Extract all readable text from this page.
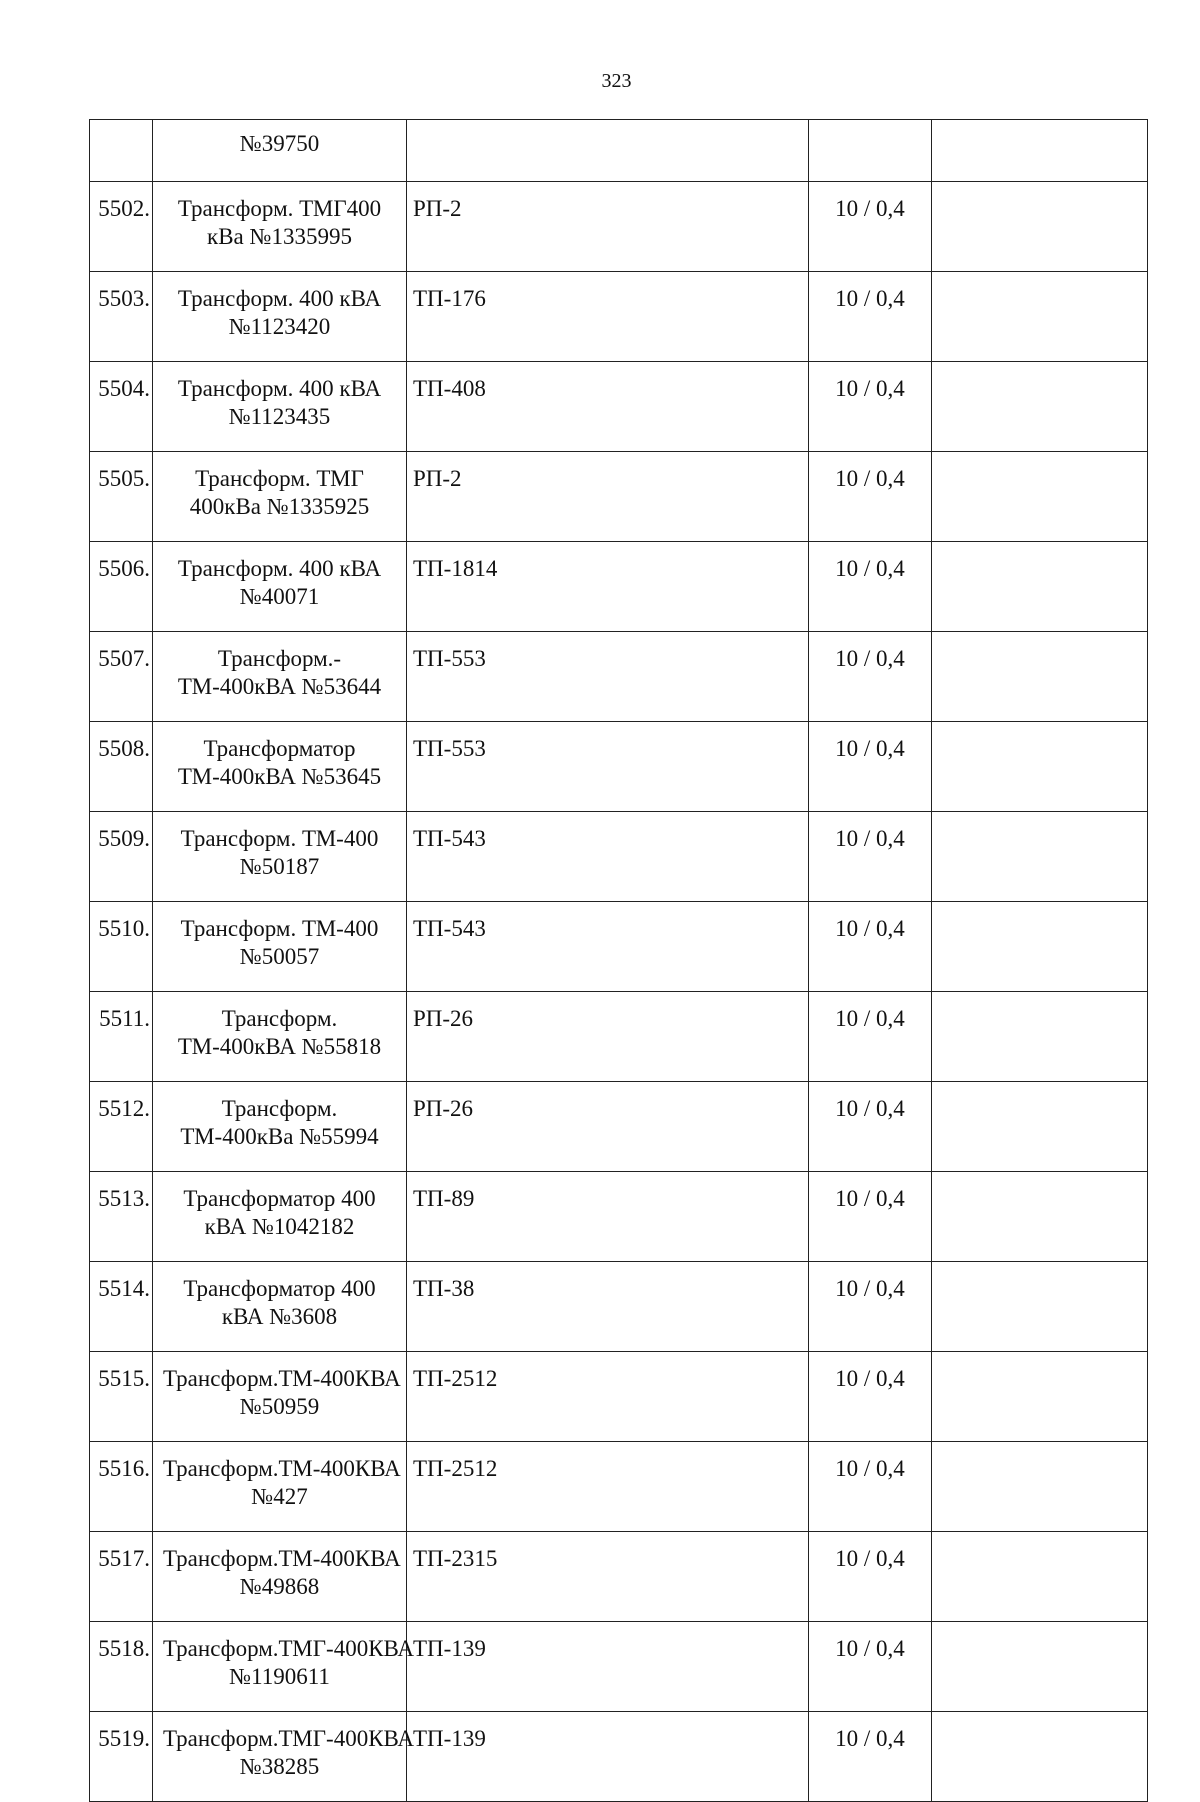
323
	№39750			
5502.	Трансформ. ТМГ400 кВа №1335995	РП-2	10 / 0,4	
5503.	Трансформ. 400 кВА №1123420	ТП-176	10 / 0,4	
5504.	Трансформ. 400 кВА №1123435	ТП-408	10 / 0,4	
5505.	Трансформ. ТМГ 400кВа №1335925	РП-2	10 / 0,4	
5506.	Трансформ. 400 кВА №40071	ТП-1814	10 / 0,4	
5507.	Трансформ.-ТМ-400кВА №53644	ТП-553	10 / 0,4	
5508.	Трансформатор ТМ-400кВА №53645	ТП-553	10 / 0,4	
5509.	Трансформ. ТМ-400 №50187	ТП-543	10 / 0,4	
5510.	Трансформ. ТМ-400 №50057	ТП-543	10 / 0,4	
5511.	Трансформ. ТМ-400кВА №55818	РП-26	10 / 0,4	
5512.	Трансформ. ТМ-400кВа №55994	РП-26	10 / 0,4	
5513.	Трансформатор 400 кВА №1042182	ТП-89	10 / 0,4	
5514.	Трансформатор 400 кВА №3608	ТП-38	10 / 0,4	
5515.	Трансформ.ТМ-400КВА №50959	ТП-2512	10 / 0,4	
5516.	Трансформ.ТМ-400КВА №427	ТП-2512	10 / 0,4	
5517.	Трансформ.ТМ-400КВА №49868	ТП-2315	10 / 0,4	
5518.	Трансформ.ТМГ-400КВА №1190611	ТП-139	10 / 0,4	
5519.	Трансформ.ТМГ-400КВА №38285	ТП-139	10 / 0,4	
